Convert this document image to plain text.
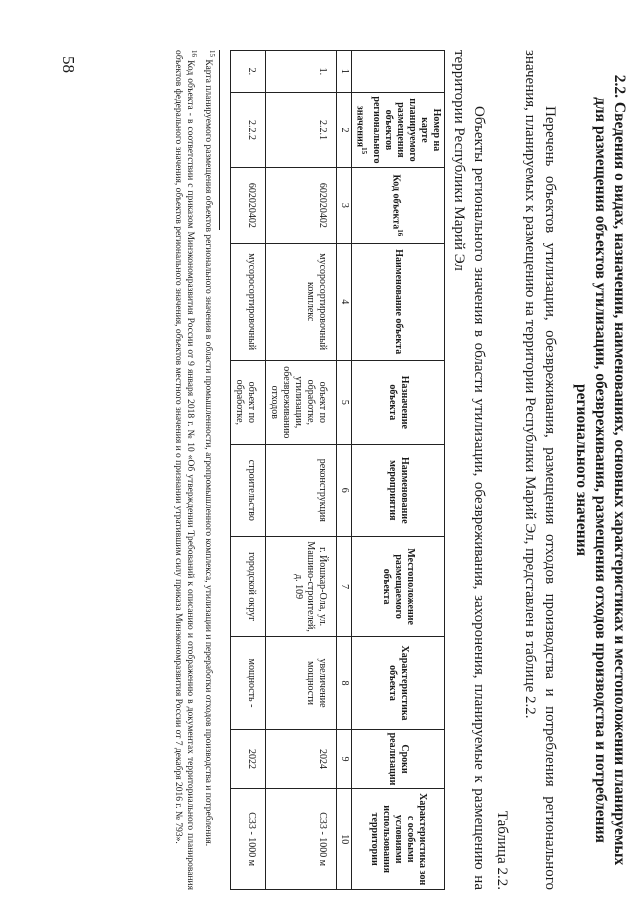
58
2.2. Сведения о видах, назначении, наименованиях, основных характеристиках и местоположении планируемых для размещения объектов утилизации, обезвреживания, размещения отходов производства и потребления регионального значения

Перечень объектов утилизации, обезвреживания, размещения отходов производства и потребления регионального значения, планируемых к размещению на территории Республики Марий Эл, представлен в таблице 2.2.

Таблица 2.2.

Объекты регионального значения в области утилизации, обезвреживания, захоронения, планируемые к размещению на территории Республики Марий Эл

	Номер на карте планируемого размещения объектов регионального значения$^{15}$	Код объекта$^{16}$	Наименование объекта	Назначение объекта	Наименование мероприятия	Местоположение размещаемого объекта	Характеристика объекта	Сроки реализации	Характеристика зон с особыми условиями использования территории
1	2	3	4	5	6	7	8	9	10
1.	2.2.1	602020402	мусоросортировочный комплекс	объект по обработке, утилизации, обезвреживанию отходов	реконструкция	г. Йошкар-Ола, ул. Машино-строителей, д. 109	увеличение мощности	2024	СЗЗ - 1000 м
2.	2.2.2	602020402	мусоросортировочный	объект по обработке,	строительство	городской округ	мощность -	2022	СЗЗ - 1000 м

$^{15}$ Карта планируемого размещения объектов регионального значения в области промышленности, агропромышленного комплекса, утилизации и переработки отходов производства и потребления.

$^{16}$ Код объекта - в соответствии с приказом Минэкономразвития России от 9 января 2018 г. № 10 «Об утверждении Требований к описанию и отображению в документах территориального планирования объектов федерального значения, объектов регионального значения, объектов местного значения и о признании утратившим силу приказа Минэкономразвития России от 7 декабря 2016 г. № 793».
